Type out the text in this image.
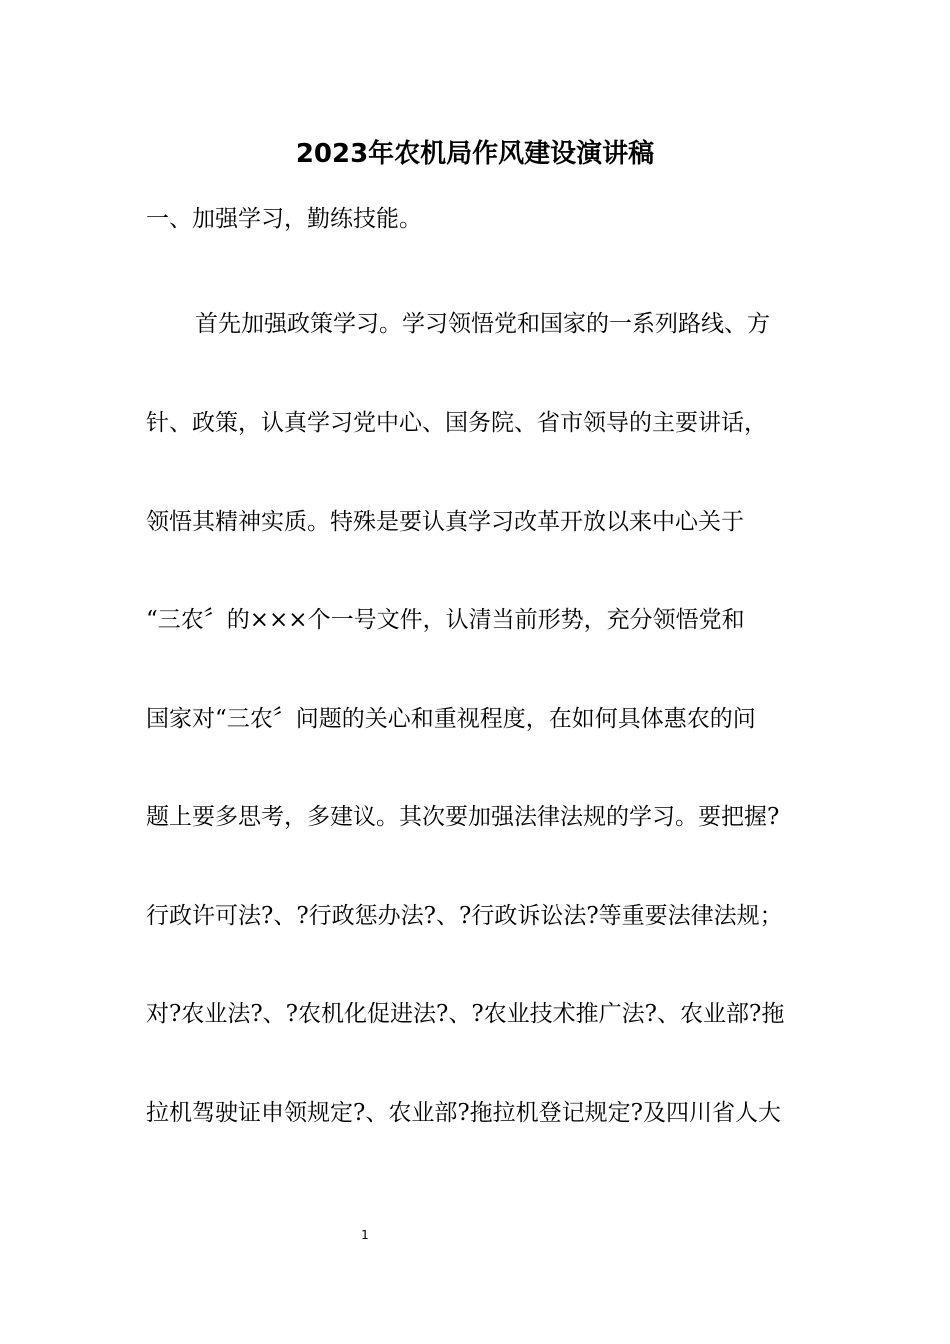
2023年农机局作风建设演讲稿
一、加强学习，勤练技能。
首先加强政策学习。学习领悟党和国家的一系列路线、方
针、政策，认真学习党中心、国务院、省市领导的主要讲话，
领悟其精神实质。特殊是要认真学习改革开放以来中心关于
“三农〞的×××个一号文件，认清当前形势，充分领悟党和
国家对“三农〞问题的关心和重视程度，在如何具体惠农的问
题上要多思考，多建议。其次要加强法律法规的学习。要把握?
行政许可法?、?行政惩办法?、?行政诉讼法?等重要法律法规；
对?农业法?、?农机化促进法?、?农业技术推广法?、农业部?拖
拉机驾驶证申领规定?、农业部?拖拉机登记规定?及四川省人大
1
